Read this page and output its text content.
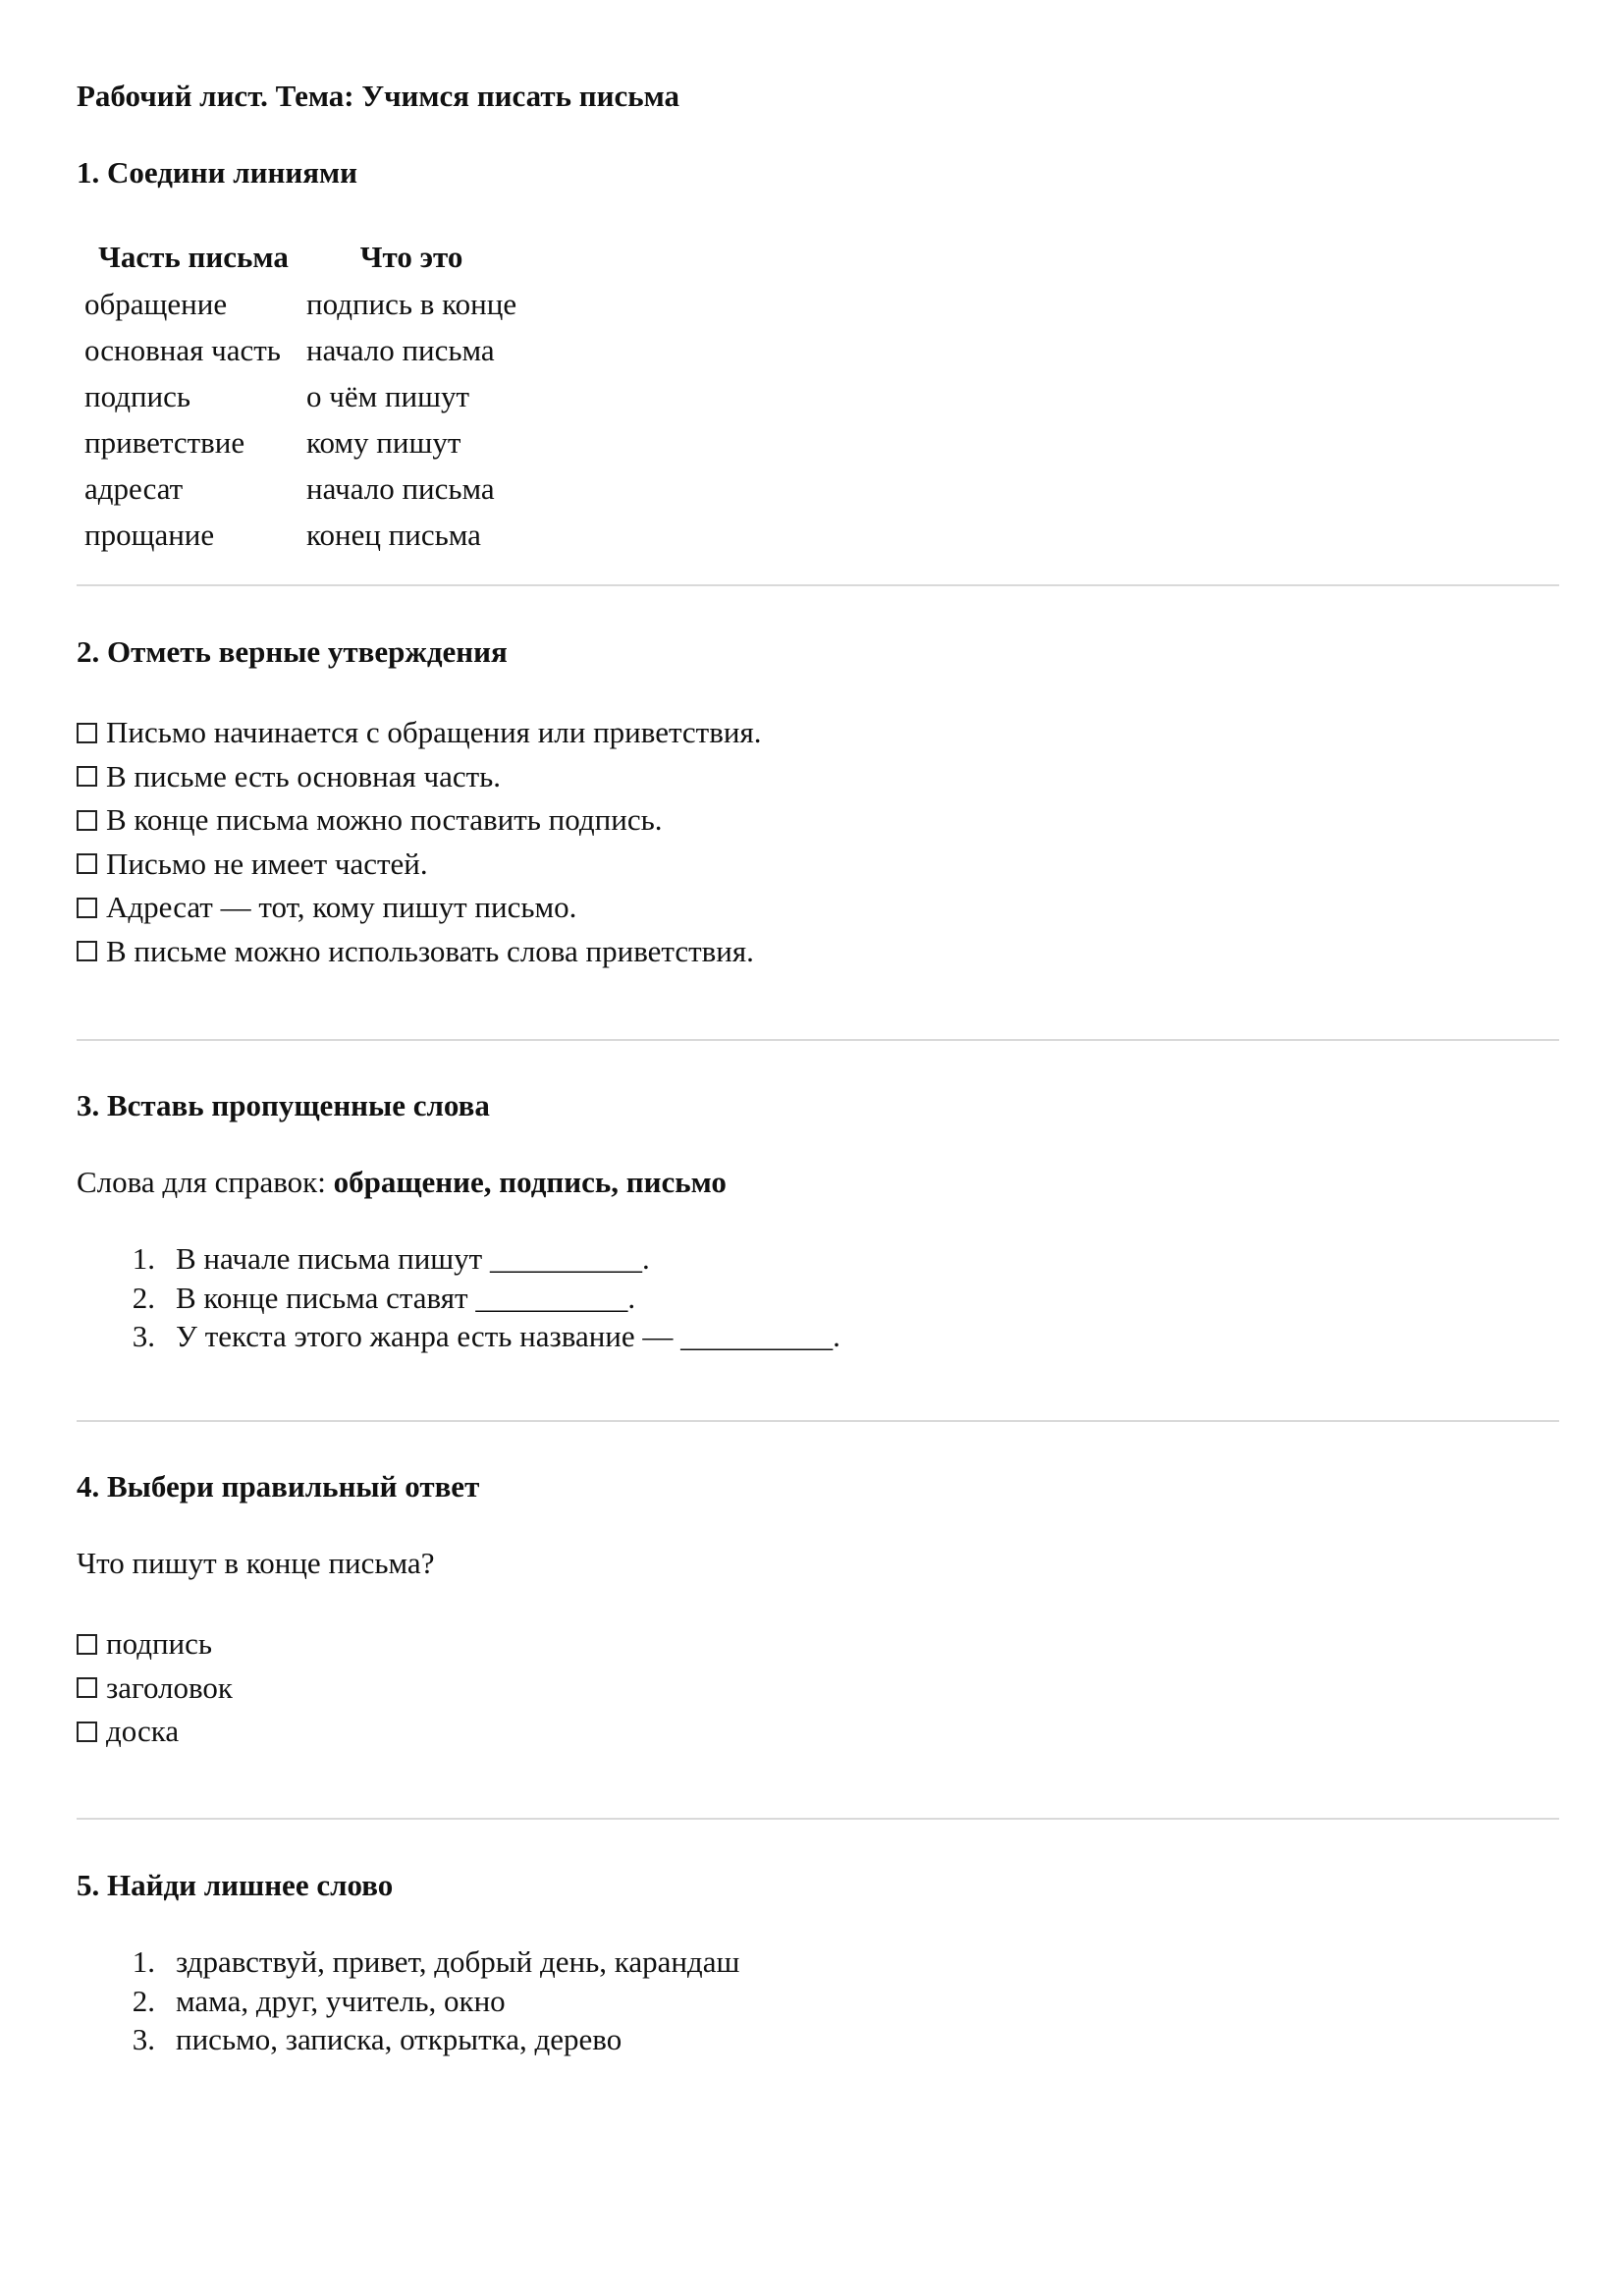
Рабочий лист. Тема: Учимся писать письма
1. Соедини линиями
Часть письма	Что это
обращение	подпись в конце
основная часть	начало письма
подпись	о чём пишут
приветствие	кому пишут
адресат	начало письма
прощание	конец письма
2. Отметь верные утверждения
Письмо начинается с обращения или приветствия.
В письме есть основная часть.
В конце письма можно поставить подпись.
Письмо не имеет частей.
Адресат — тот, кому пишут письмо.
В письме можно использовать слова приветствия.
3. Вставь пропущенные слова
Слова для справок: обращение, подпись, письмо
1. В начале письма пишут __________.
2. В конце письма ставят __________.
3. У текста этого жанра есть название — __________.
4. Выбери правильный ответ
Что пишут в конце письма?
подпись
заголовок
доска
5. Найди лишнее слово
1. здравствуй, привет, добрый день, карандаш
2. мама, друг, учитель, окно
3. письмо, записка, открытка, дерево
